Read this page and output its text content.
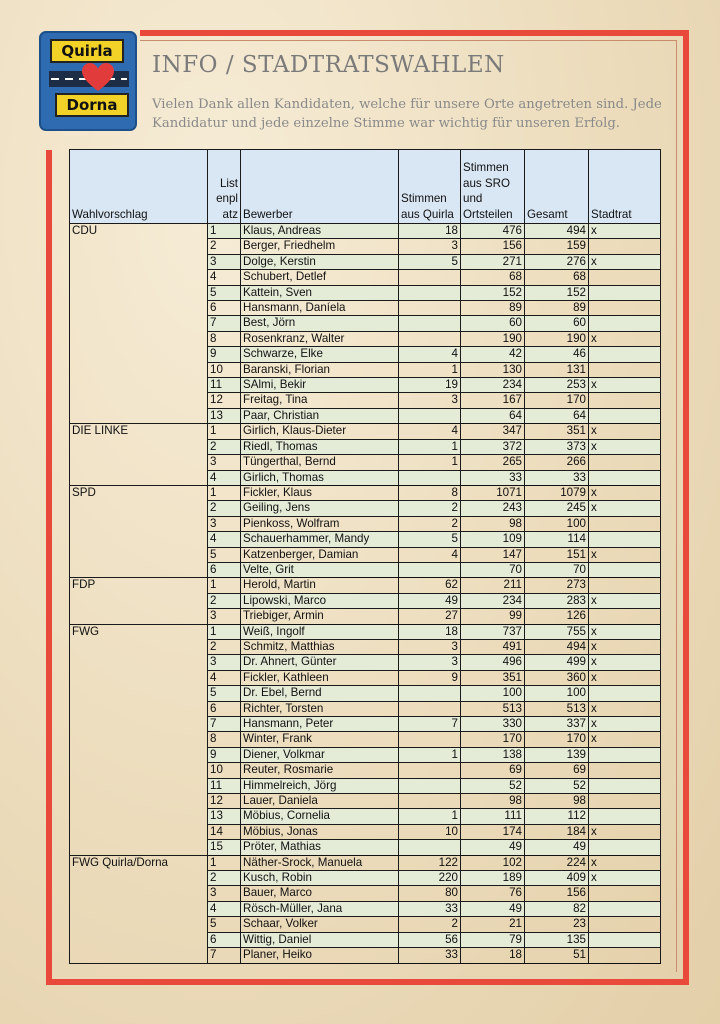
Quirla
Dorna
INFO / STADTRATSWAHLEN
Vielen Dank allen Kandidaten, welche für unsere Orte angetreten sind. Jede Kandidatur und jede einzelne Stimme war wichtig für unseren Erfolg.
Wahlvorschlag	List enpl atz	Bewerber	Stimmen aus Quirla	Stimmen aus SRO und Ortsteilen	Gesamt	Stadtrat
CDU	1	Klaus, Andreas	18	476	494	x
	2	Berger, Friedhelm	3	156	159	
	3	Dolge, Kerstin	5	271	276	x
	4	Schubert, Detlef		68	68	
	5	Kattein, Sven		152	152	
	6	Hansmann, Daníela		89	89	
	7	Best, Jörn		60	60	
	8	Rosenkranz, Walter		190	190	x
	9	Schwarze, Elke	4	42	46	
	10	Baranski, Florian	1	130	131	
	11	SAlmi, Bekir	19	234	253	x
	12	Freitag, Tina	3	167	170	
	13	Paar, Christian		64	64	
DIE LINKE	1	Girlich, Klaus-Dieter	4	347	351	x
	2	Riedl, Thomas	1	372	373	x
	3	Tüngerthal, Bernd	1	265	266	
	4	Girlich, Thomas		33	33	
SPD	1	Fickler, Klaus	8	1071	1079	x
	2	Geiling, Jens	2	243	245	x
	3	Pienkoss, Wolfram	2	98	100	
	4	Schauerhammer, Mandy	5	109	114	
	5	Katzenberger, Damian	4	147	151	x
	6	Velte, Grit		70	70	
FDP	1	Herold, Martin	62	211	273	
	2	Lipowski, Marco	49	234	283	x
	3	Triebiger, Armin	27	99	126	
FWG	1	Weiß, Ingolf	18	737	755	x
	2	Schmitz, Matthias	3	491	494	x
	3	Dr. Ahnert, Günter	3	496	499	x
	4	Fickler, Kathleen	9	351	360	x
	5	Dr. Ebel, Bernd		100	100	
	6	Richter, Torsten		513	513	x
	7	Hansmann, Peter	7	330	337	x
	8	Winter, Frank		170	170	x
	9	Diener, Volkmar	1	138	139	
	10	Reuter, Rosmarie		69	69	
	11	Himmelreich, Jörg		52	52	
	12	Lauer, Daniela		98	98	
	13	Möbius, Cornelia	1	111	112	
	14	Möbius, Jonas	10	174	184	x
	15	Pröter, Mathias		49	49	
FWG Quirla/Dorna	1	Näther-Srock, Manuela	122	102	224	x
	2	Kusch, Robin	220	189	409	x
	3	Bauer, Marco	80	76	156	
	4	Rösch-Müller, Jana	33	49	82	
	5	Schaar, Volker	2	21	23	
	6	Wittig, Daniel	56	79	135	
	7	Planer, Heiko	33	18	51	
